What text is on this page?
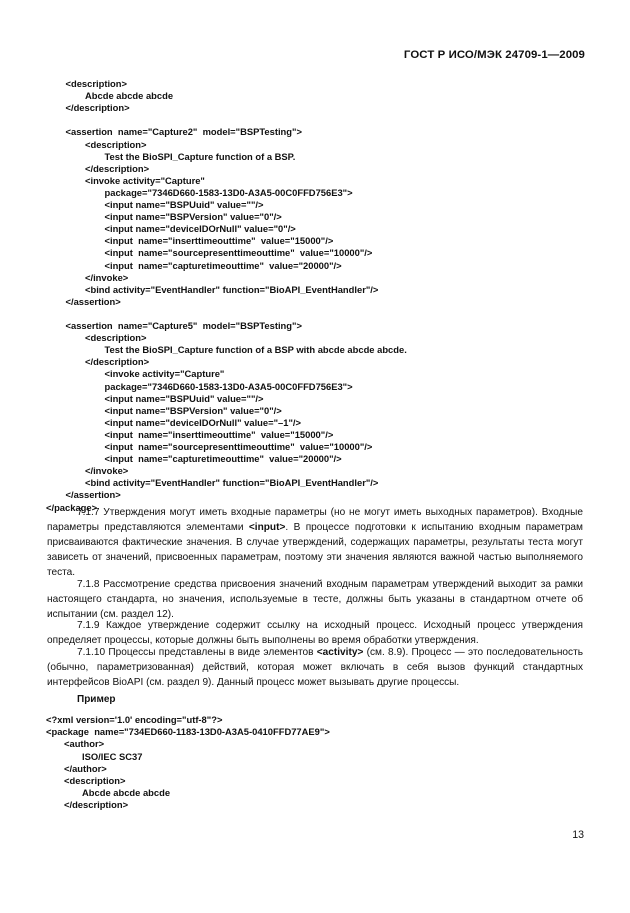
ГОСТ Р ИСО/МЭК 24709-1—2009
<description>
Abcde abcde abcde
</description>
<assertion  name="Capture2"  model="BSPTesting">
<description>
Test the BioSPI_Capture function of a BSP.
</description>
<invoke activity="Capture"
package="7346D660-1583-13D0-A3A5-00C0FFD756E3">
<input name="BSPUuid" value=""/>
<input name="BSPVersion" value="0"/>
<input name="deviceIDOrNull" value="0"/>
<input  name="inserttimeouttime"  value="15000"/>
<input  name="sourcepresenttimeouttime"  value="10000"/>
<input  name="capturetimeouttime"  value="20000"/>
</invoke>
<bind activity="EventHandler" function="BioAPI_EventHandler"/>
</assertion>
<assertion  name="Capture5"  model="BSPTesting">
<description>
Test the BioSPI_Capture function of a BSP with abcde abcde abcde.
</description>
<invoke activity="Capture"
package="7346D660-1583-13D0-A3A5-00C0FFD756E3">
<input name="BSPUuid" value=""/>
<input name="BSPVersion" value="0"/>
<input name="deviceIDOrNull" value="–1"/>
<input  name="inserttimeouttime"  value="15000"/>
<input  name="sourcepresenttimeouttime"  value="10000"/>
<input  name="capturetimeouttime"  value="20000"/>
</invoke>
<bind activity="EventHandler" function="BioAPI_EventHandler"/>
</assertion>
</package>

7.1.7 Утверждения могут иметь входные параметры (но не могут иметь выходных параметров). Входные параметры представляются элементами <input>. В процессе подготовки к испытанию входным параметрам присваиваются фактические значения. В случае утверждений, содержащих параметры, результаты теста могут зависеть от значений, присвоенных параметрам, поэтому эти значения являются важной частью выполняемого теста.

7.1.8 Рассмотрение средства присвоения значений входным параметрам утверждений выходит за рамки настоящего стандарта, но значения, используемые в тесте, должны быть указаны в стандартном отчете об испытании (см. раздел 12).

7.1.9 Каждое утверждение содержит ссылку на исходный процесс. Исходный процесс утверждения определяет процессы, которые должны быть выполнены во время обработки утверждения.

7.1.10 Процессы представлены в виде элементов <activity> (см. 8.9). Процесс — это последовательность (обычно, параметризованная) действий, которая может включать в себя вызов функций стандартных интерфейсов BioAPI (см. раздел 9). Данный процесс может вызывать другие процессы.

Пример
<?xml version='1.0' encoding="utf-8"?>
<package  name="734ED660-1183-13D0-A3A5-0410FFD77AE9">
<author>
ISO/IEC SC37
</author>
<description>
Abcde abcde abcde
</description>
13
